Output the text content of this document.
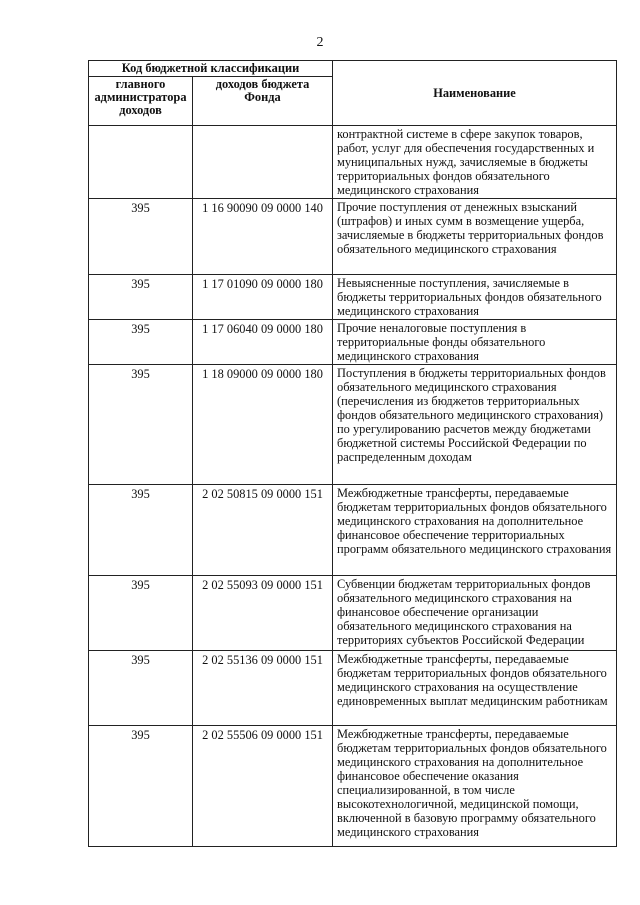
2
Код бюджетной классификации		Наименование
главного администратора доходов	доходов бюджета Фонда	
		контрактной системе в сфере закупок товаров, работ, услуг для обеспечения государственных и муниципальных нужд, зачисляемые в бюджеты территориальных фондов обязательного медицинского страхования
395	1 16 90090 09 0000 140	Прочие поступления от денежных взысканий (штрафов) и иных сумм в возмещение ущерба, зачисляемые в бюджеты территориальных фондов обязательного медицинского страхования
395	1 17 01090 09 0000 180	Невыясненные поступления, зачисляемые в бюджеты территориальных фондов обязательного медицинского страхования
395	1 17 06040 09 0000 180	Прочие неналоговые поступления в территориальные фонды обязательного медицинского страхования
395	1 18 09000 09 0000 180	Поступления в бюджеты территориальных фондов обязательного медицинского страхования (перечисления из бюджетов территориальных фондов обязательного медицинского страхования) по урегулированию расчетов между бюджетами бюджетной системы Российской Федерации по распределенным доходам
395	2 02 50815 09 0000 151	Межбюджетные трансферты, передаваемые бюджетам территориальных фондов обязательного медицинского страхования на дополнительное финансовое обеспечение территориальных программ обязательного медицинского страхования
395	2 02 55093 09 0000 151	Субвенции бюджетам территориальных фондов обязательного медицинского страхования на финансовое обеспечение организации обязательного медицинского страхования на территориях субъектов Российской Федерации
395	2 02 55136 09 0000 151	Межбюджетные трансферты, передаваемые бюджетам территориальных фондов обязательного медицинского страхования на осуществление единовременных выплат медицинским работникам
395	2 02 55506 09 0000 151	Межбюджетные трансферты, передаваемые бюджетам территориальных фондов обязательного медицинского страхования на дополнительное финансовое обеспечение оказания специализированной, в том числе высокотехнологичной, медицинской помощи, включенной в базовую программу обязательного медицинского страхования
